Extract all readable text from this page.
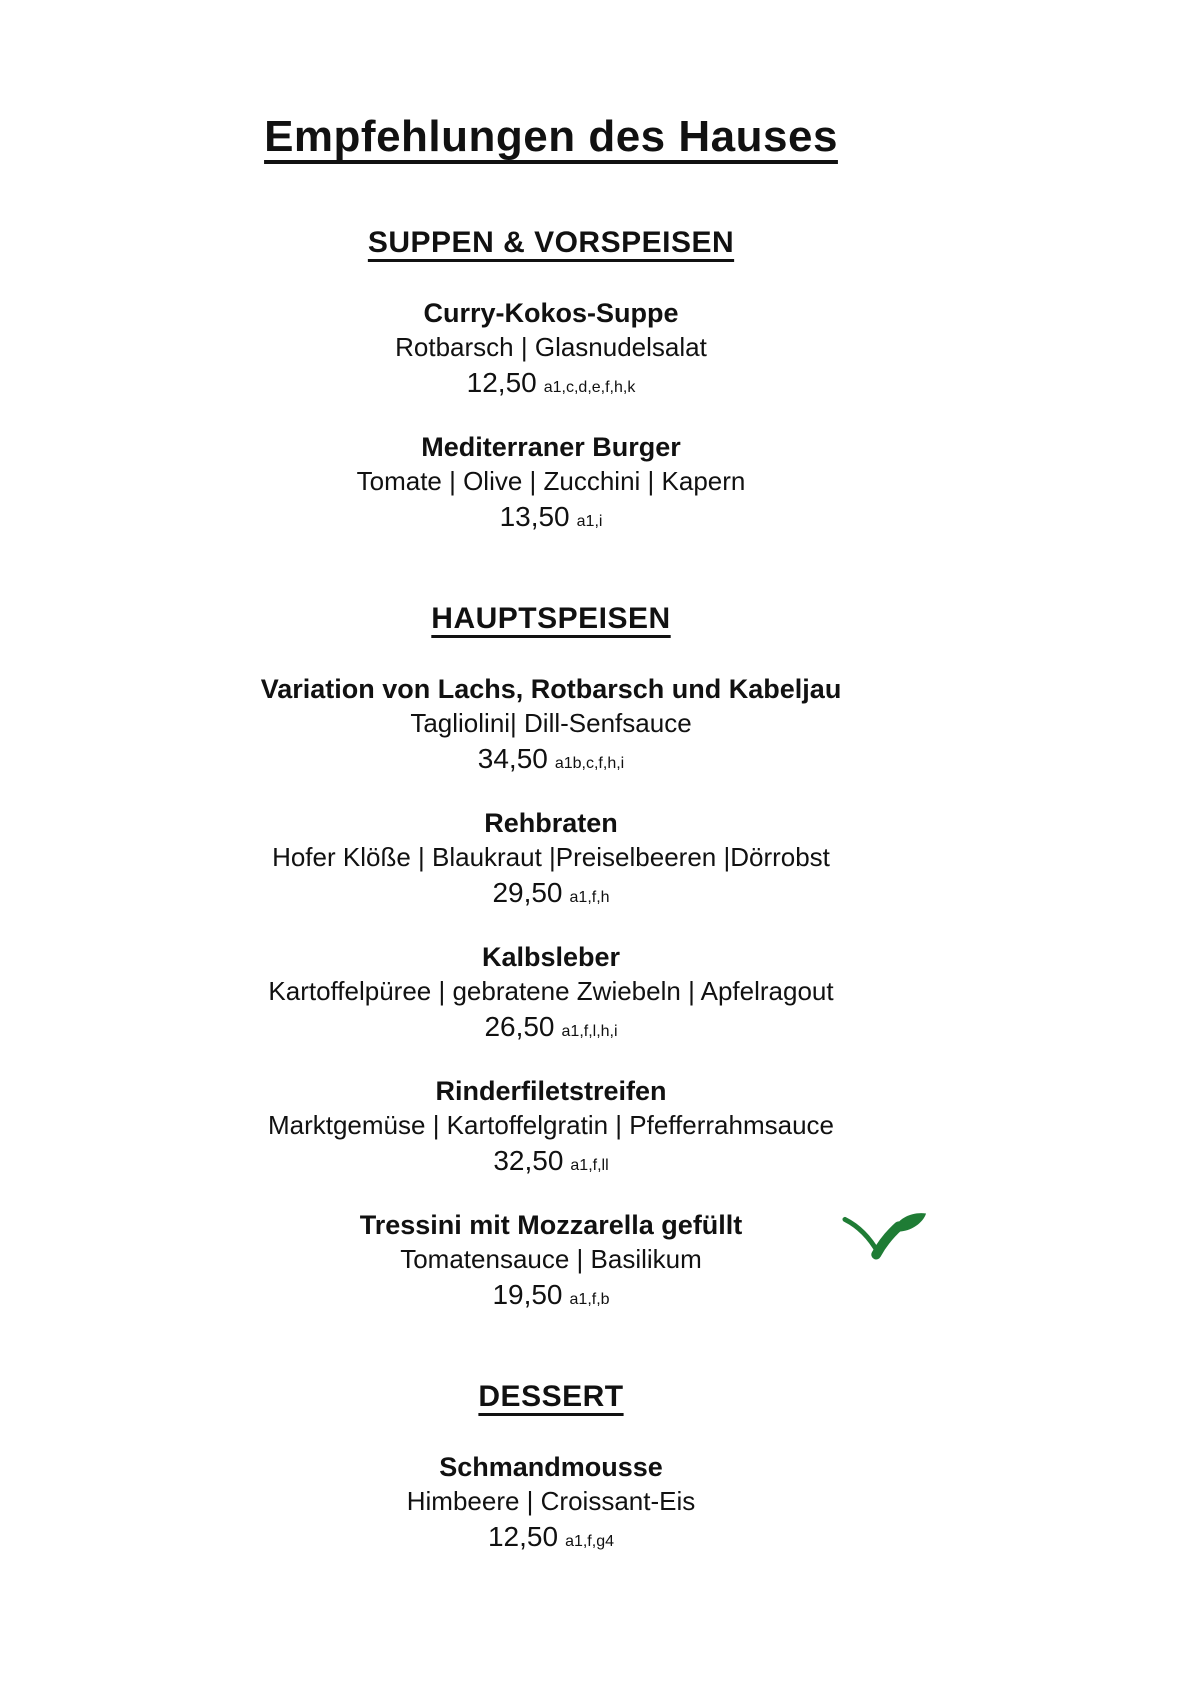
Empfehlungen des Hauses
SUPPEN & VORSPEISEN
Curry-Kokos-Suppe
Rotbarsch | Glasnudelsalat
12,50 a1,c,d,e,f,h,k
Mediterraner Burger
Tomate | Olive | Zucchini | Kapern
13,50 a1,i
HAUPTSPEISEN
Variation von Lachs, Rotbarsch und Kabeljau
Tagliolini| Dill-Senfsauce
34,50 a1b,c,f,h,i
Rehbraten
Hofer Klöße | Blaukraut |Preiselbeeren |Dörrobst
29,50 a1,f,h
Kalbsleber
Kartoffelpüree | gebratene Zwiebeln | Apfelragout
26,50 a1,f,l,h,i
Rinderfiletstreifen
Marktgemüse | Kartoffelgratin | Pfefferrahmsauce
32,50 a1,f,ll
Tressini mit Mozzarella gefüllt
Tomatensauce | Basilikum
19,50 a1,f,b
DESSERT
Schmandmousse
Himbeere | Croissant-Eis
12,50 a1,f,g4
